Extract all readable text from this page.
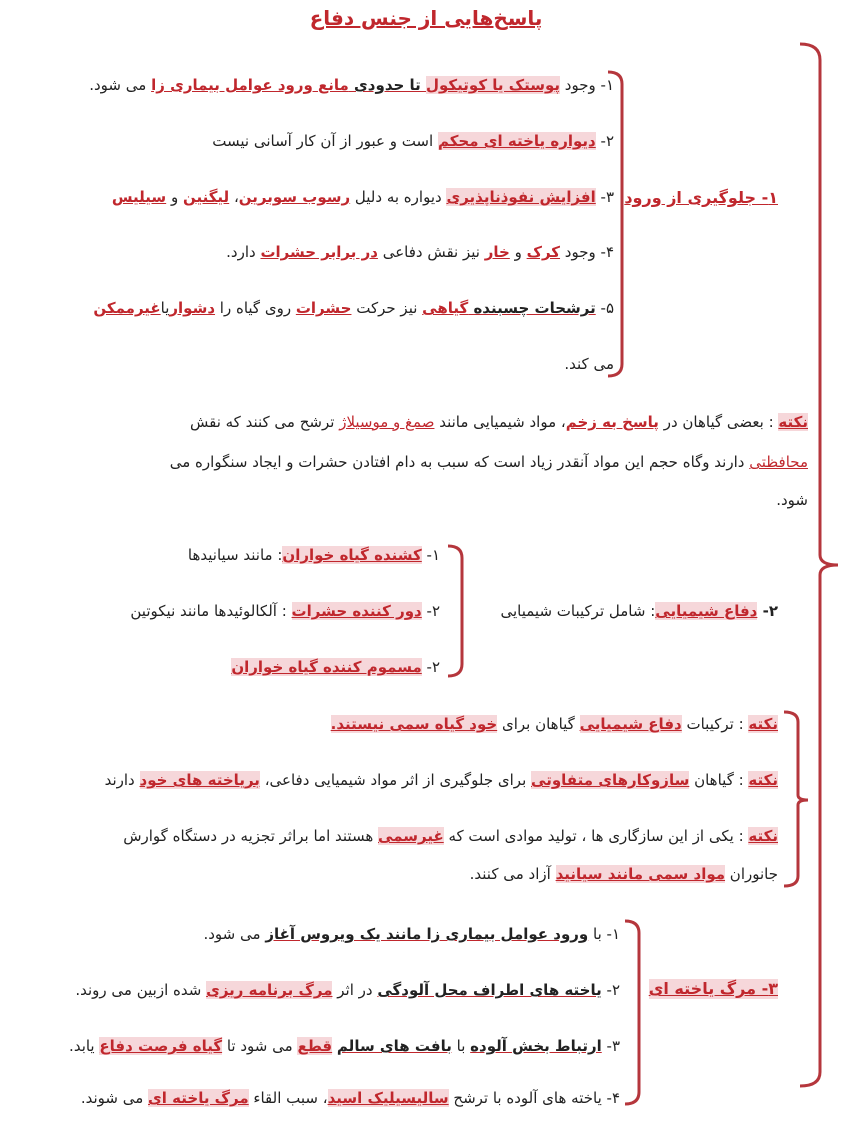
پاسخ‌هایی از جنس دفاع
۱- جلوگیری از ورود
۱- وجود پوستک یا کوتیکول تا حدودی مانع ورود عوامل بیماری زا می شود.
۲- دیواره یاخته ای محکم است و عبور از آن کار آسانی نیست
۳- افزایش نفوذناپذیری دیواره به دلیل رسوب سوبرین، لیگنین و سیلیس
۴- وجود کرک و خار نیز نقش دفاعی در برابر حشرات دارد.
۵- ترشحات چسبنده گیاهی نیز حرکت حشرات روی گیاه را دشواریاغیرممکن
می کند.
نکته : بعضی گیاهان در پاسخ به زخم، مواد شیمیایی مانند صمغ و موسیلاژ ترشح می کنند که نقش
محافظتی دارند وگاه حجم این مواد آنقدر زیاد است که سبب به دام افتادن حشرات و ایجاد سنگواره می
شود.
۲- دفاع شیمیایی: شامل ترکیبات شیمیایی
۱- کشنده گیاه خواران: مانند سیانیدها
۲- دور کننده حشرات : آلکالوئیدها مانند نیکوتین
۲- مسموم کننده گیاه خواران
نکته : ترکیبات دفاع شیمیایی گیاهان برای خود گیاه سمی نیستند.
نکته : گیاهان سازوکارهای متفاوتی برای جلوگیری از اثر مواد شیمیایی دفاعی، بریاخته های خود دارند
نکته : یکی از این سازگاری ها ، تولید موادی است که غیرسمی هستند اما براثر تجزیه در دستگاه گوارش
جانوران مواد سمی مانند سیانید آزاد می کنند.
۳- مرگ یاخته ای
۱- با ورود عوامل بیماری زا مانند یک ویروس آغاز می شود.
۲- یاخته های اطراف محل آلودگی در اثر مرگ برنامه ریزی شده ازبین می روند.
۳- ارتباط بخش آلوده با بافت های سالم قطع می شود تا گیاه فرصت دفاع یابد.
۴- یاخته های آلوده با ترشح سالیسیلیک اسید، سبب القاء مرگ یاخته ای می شوند.
